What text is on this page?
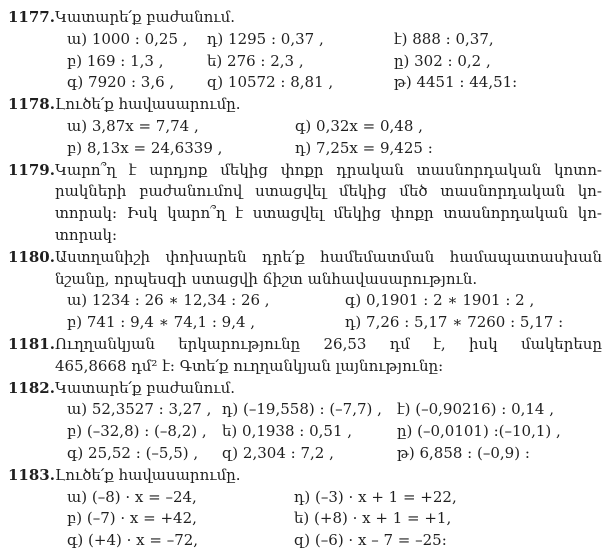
1177. Կատարե՛ք բաժանում.
ա) 1000 : 0,25 ,	դ) 1295 : 0,37 ,	է) 888 : 0,37,
բ) 169 : 1,3 ,	ե) 276 : 2,3 ,	ը) 302 : 0,2 ,
գ) 7920 : 3,6 ,	զ) 10572 : 8,81 ,	թ) 4451 : 44,51։
1178. Լուծե՛ք հավասարումը.
ա) 3,87x = 7,74 ,	գ) 0,32x = 0,48 ,
բ) 8,13x = 24,6339 ,	դ) 7,25x = 9,425 ։
1179. Կարո՞ղ է արդյոք մեկից փոքր դրական տասնորդական կոտո-
րակների բաժանումով ստացվել մեկից մեծ տասնորդական կո-
տորակ։ Իսկ կարո՞ղ է ստացվել մեկից փոքր տասնորդական կո-
տորակ։
1180. Աստղանիշի փոխարեն դրե՛ք համեմատման համապատասխան
նշանը, որպեսզի ստացվի ճիշտ անհավասարություն.
ա) 1234 : 26 ∗ 12,34 : 26 ,	գ) 0,1901 : 2 ∗ 1901 : 2 ,
բ) 741 : 9,4 ∗ 74,1 : 9,4 ,	դ) 7,26 : 5,17 ∗ 7260 : 5,17 ։
1181. Ուղղանկյան երկարությունը 26,53 դմ է, իսկ մակերեսը
465,8668 դմ² է։ Գտե՛ք ուղղանկյան լայնությունը։
1182. Կատարե՛ք բաժանում.
ա) 52,3527 : 3,27 , դ) (–19,558) : (–7,7) ,	է) (–0,90216) : 0,14 ,
բ) (–32,8) : (–8,2) ,	ե) 0,1938 : 0,51 ,	ը) (–0,0101) :(–10,1) ,
գ) 25,52 : (–5,5) ,	զ) 2,304 : 7,2 ,	թ) 6,858 : (–0,9) ։
1183. Լուծե՛ք հավասարումը.
ա) (–8) · x = –24,	դ) (–3) · x + 1 = +22,
բ) (–7) · x = +42,	ե) (+8) · x + 1 = +1,
գ) (+4) · x = –72,	զ) (–6) · x – 7 = –25։
